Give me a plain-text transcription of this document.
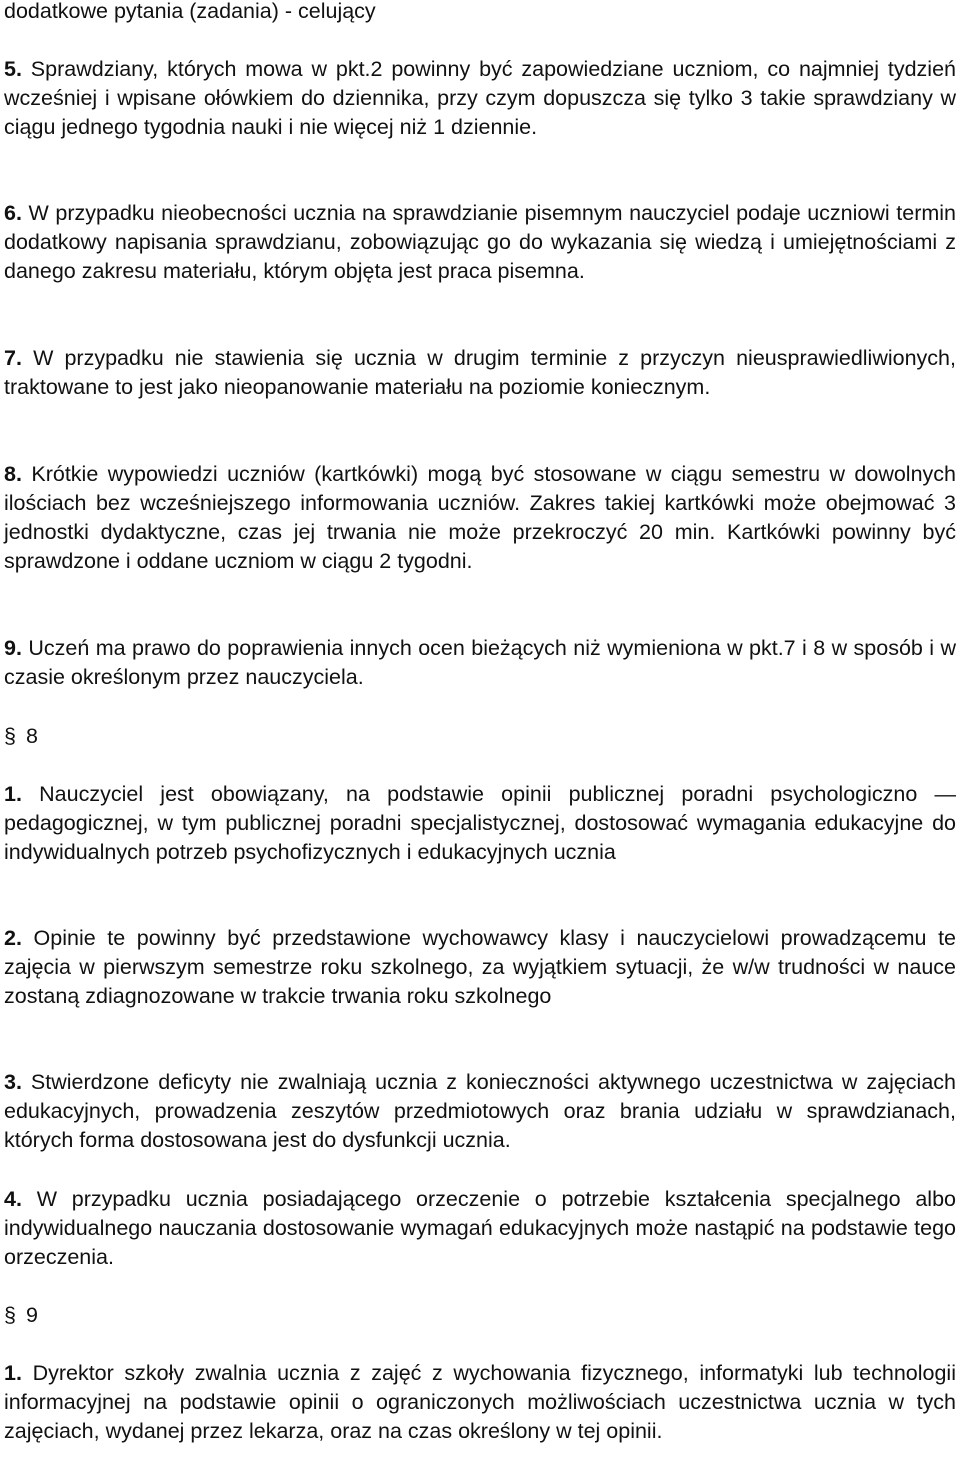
dodatkowe pytania (zadania) - celujący

5. Sprawdziany, których mowa w pkt.2 powinny być zapowiedziane uczniom, co najmniej tydzień wcześniej i wpisane ołówkiem do dziennika, przy czym dopuszcza się tylko 3 takie sprawdziany w ciągu jednego tygodnia nauki i nie więcej niż 1 dziennie.

6. W przypadku nieobecności ucznia na sprawdzianie pisemnym nauczyciel podaje uczniowi termin dodatkowy napisania sprawdzianu, zobowiązując go do wykazania się wiedzą i umiejętnościami z danego zakresu materiału, którym objęta jest praca pisemna.

7. W przypadku nie stawienia się ucznia w drugim terminie z przyczyn nieusprawiedliwionych, traktowane to jest jako nieopanowanie materiału na poziomie koniecznym.

8. Krótkie wypowiedzi uczniów (kartkówki) mogą być stosowane w ciągu semestru w dowolnych ilościach bez wcześniejszego informowania uczniów. Zakres takiej kartkówki może obejmować 3 jednostki dydaktyczne, czas jej trwania nie może przekroczyć 20 min. Kartkówki powinny być sprawdzone i oddane uczniom w ciągu 2 tygodni.

9. Uczeń ma prawo do poprawienia innych ocen bieżących niż wymieniona w pkt.7 i 8 w sposób i w czasie określonym przez nauczyciela.

§ 8

1. Nauczyciel jest obowiązany, na podstawie opinii publicznej poradni psychologiczno — pedagogicznej, w tym publicznej poradni specjalistycznej, dostosować wymagania edukacyjne do indywidualnych potrzeb psychofizycznych i edukacyjnych ucznia

2. Opinie te powinny być przedstawione wychowawcy klasy i nauczycielowi prowadzącemu te zajęcia w pierwszym semestrze roku szkolnego, za wyjątkiem sytuacji, że w/w trudności w nauce zostaną zdiagnozowane w trakcie trwania roku szkolnego

3. Stwierdzone deficyty nie zwalniają ucznia z konieczności aktywnego uczestnictwa w zajęciach edukacyjnych, prowadzenia zeszytów przedmiotowych oraz brania udziału w sprawdzianach, których forma dostosowana jest do dysfunkcji ucznia.

4. W przypadku ucznia posiadającego orzeczenie o potrzebie kształcenia specjalnego albo indywidualnego nauczania dostosowanie wymagań edukacyjnych może nastąpić na podstawie tego orzeczenia.

§ 9

1. Dyrektor szkoły zwalnia ucznia z zajęć z wychowania fizycznego, informatyki lub technologii informacyjnej na podstawie opinii o ograniczonych możliwościach uczestnictwa ucznia w tych zajęciach, wydanej przez lekarza, oraz na czas określony w tej opinii.
